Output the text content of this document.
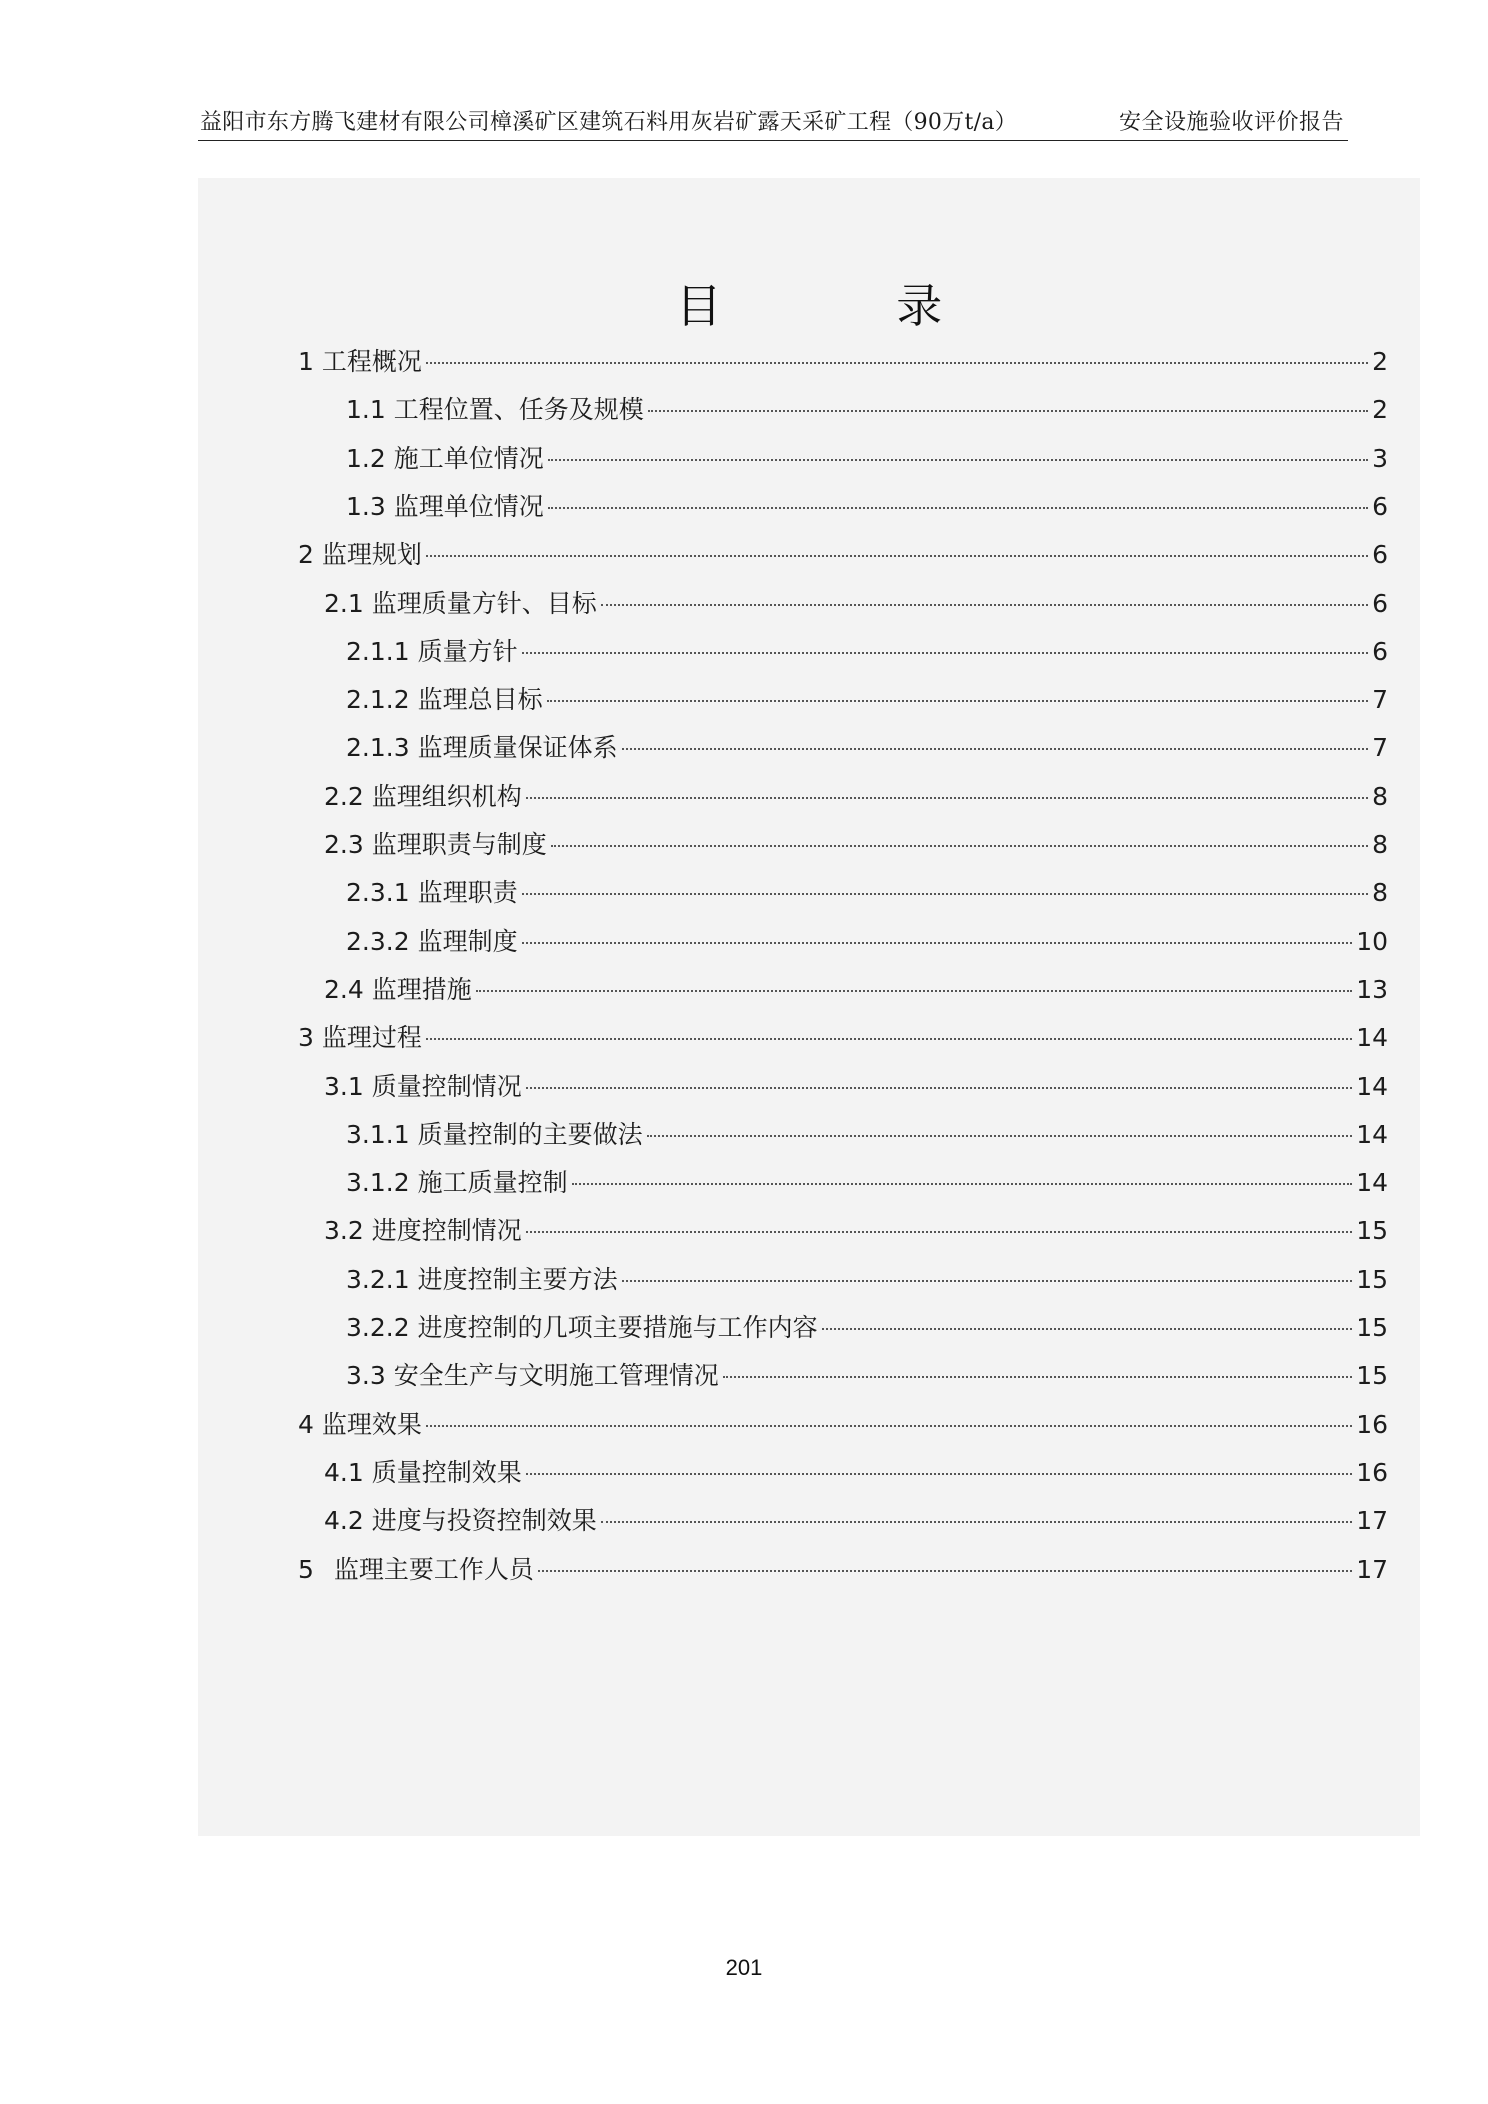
益阳市东方腾飞建材有限公司樟溪矿区建筑石料用灰岩矿露天采矿工程（90万t/a）	安全设施验收评价报告
目 录
1 工程概况	2
1.1 工程位置、任务及规模	2
1.2 施工单位情况	3
1.3 监理单位情况	6
2 监理规划	6
2.1 监理质量方针、目标	6
2.1.1 质量方针	6
2.1.2 监理总目标	7
2.1.3 监理质量保证体系	7
2.2 监理组织机构	8
2.3 监理职责与制度	8
2.3.1 监理职责	8
2.3.2 监理制度	10
2.4 监理措施	13
3 监理过程	14
3.1 质量控制情况	14
3.1.1 质量控制的主要做法	14
3.1.2 施工质量控制	14
3.2 进度控制情况	15
3.2.1 进度控制主要方法	15
3.2.2 进度控制的几项主要措施与工作内容	15
3.3 安全生产与文明施工管理情况	15
4 监理效果	16
4.1 质量控制效果	16
4.2 进度与投资控制效果	17
5 监理主要工作人员	17
201
